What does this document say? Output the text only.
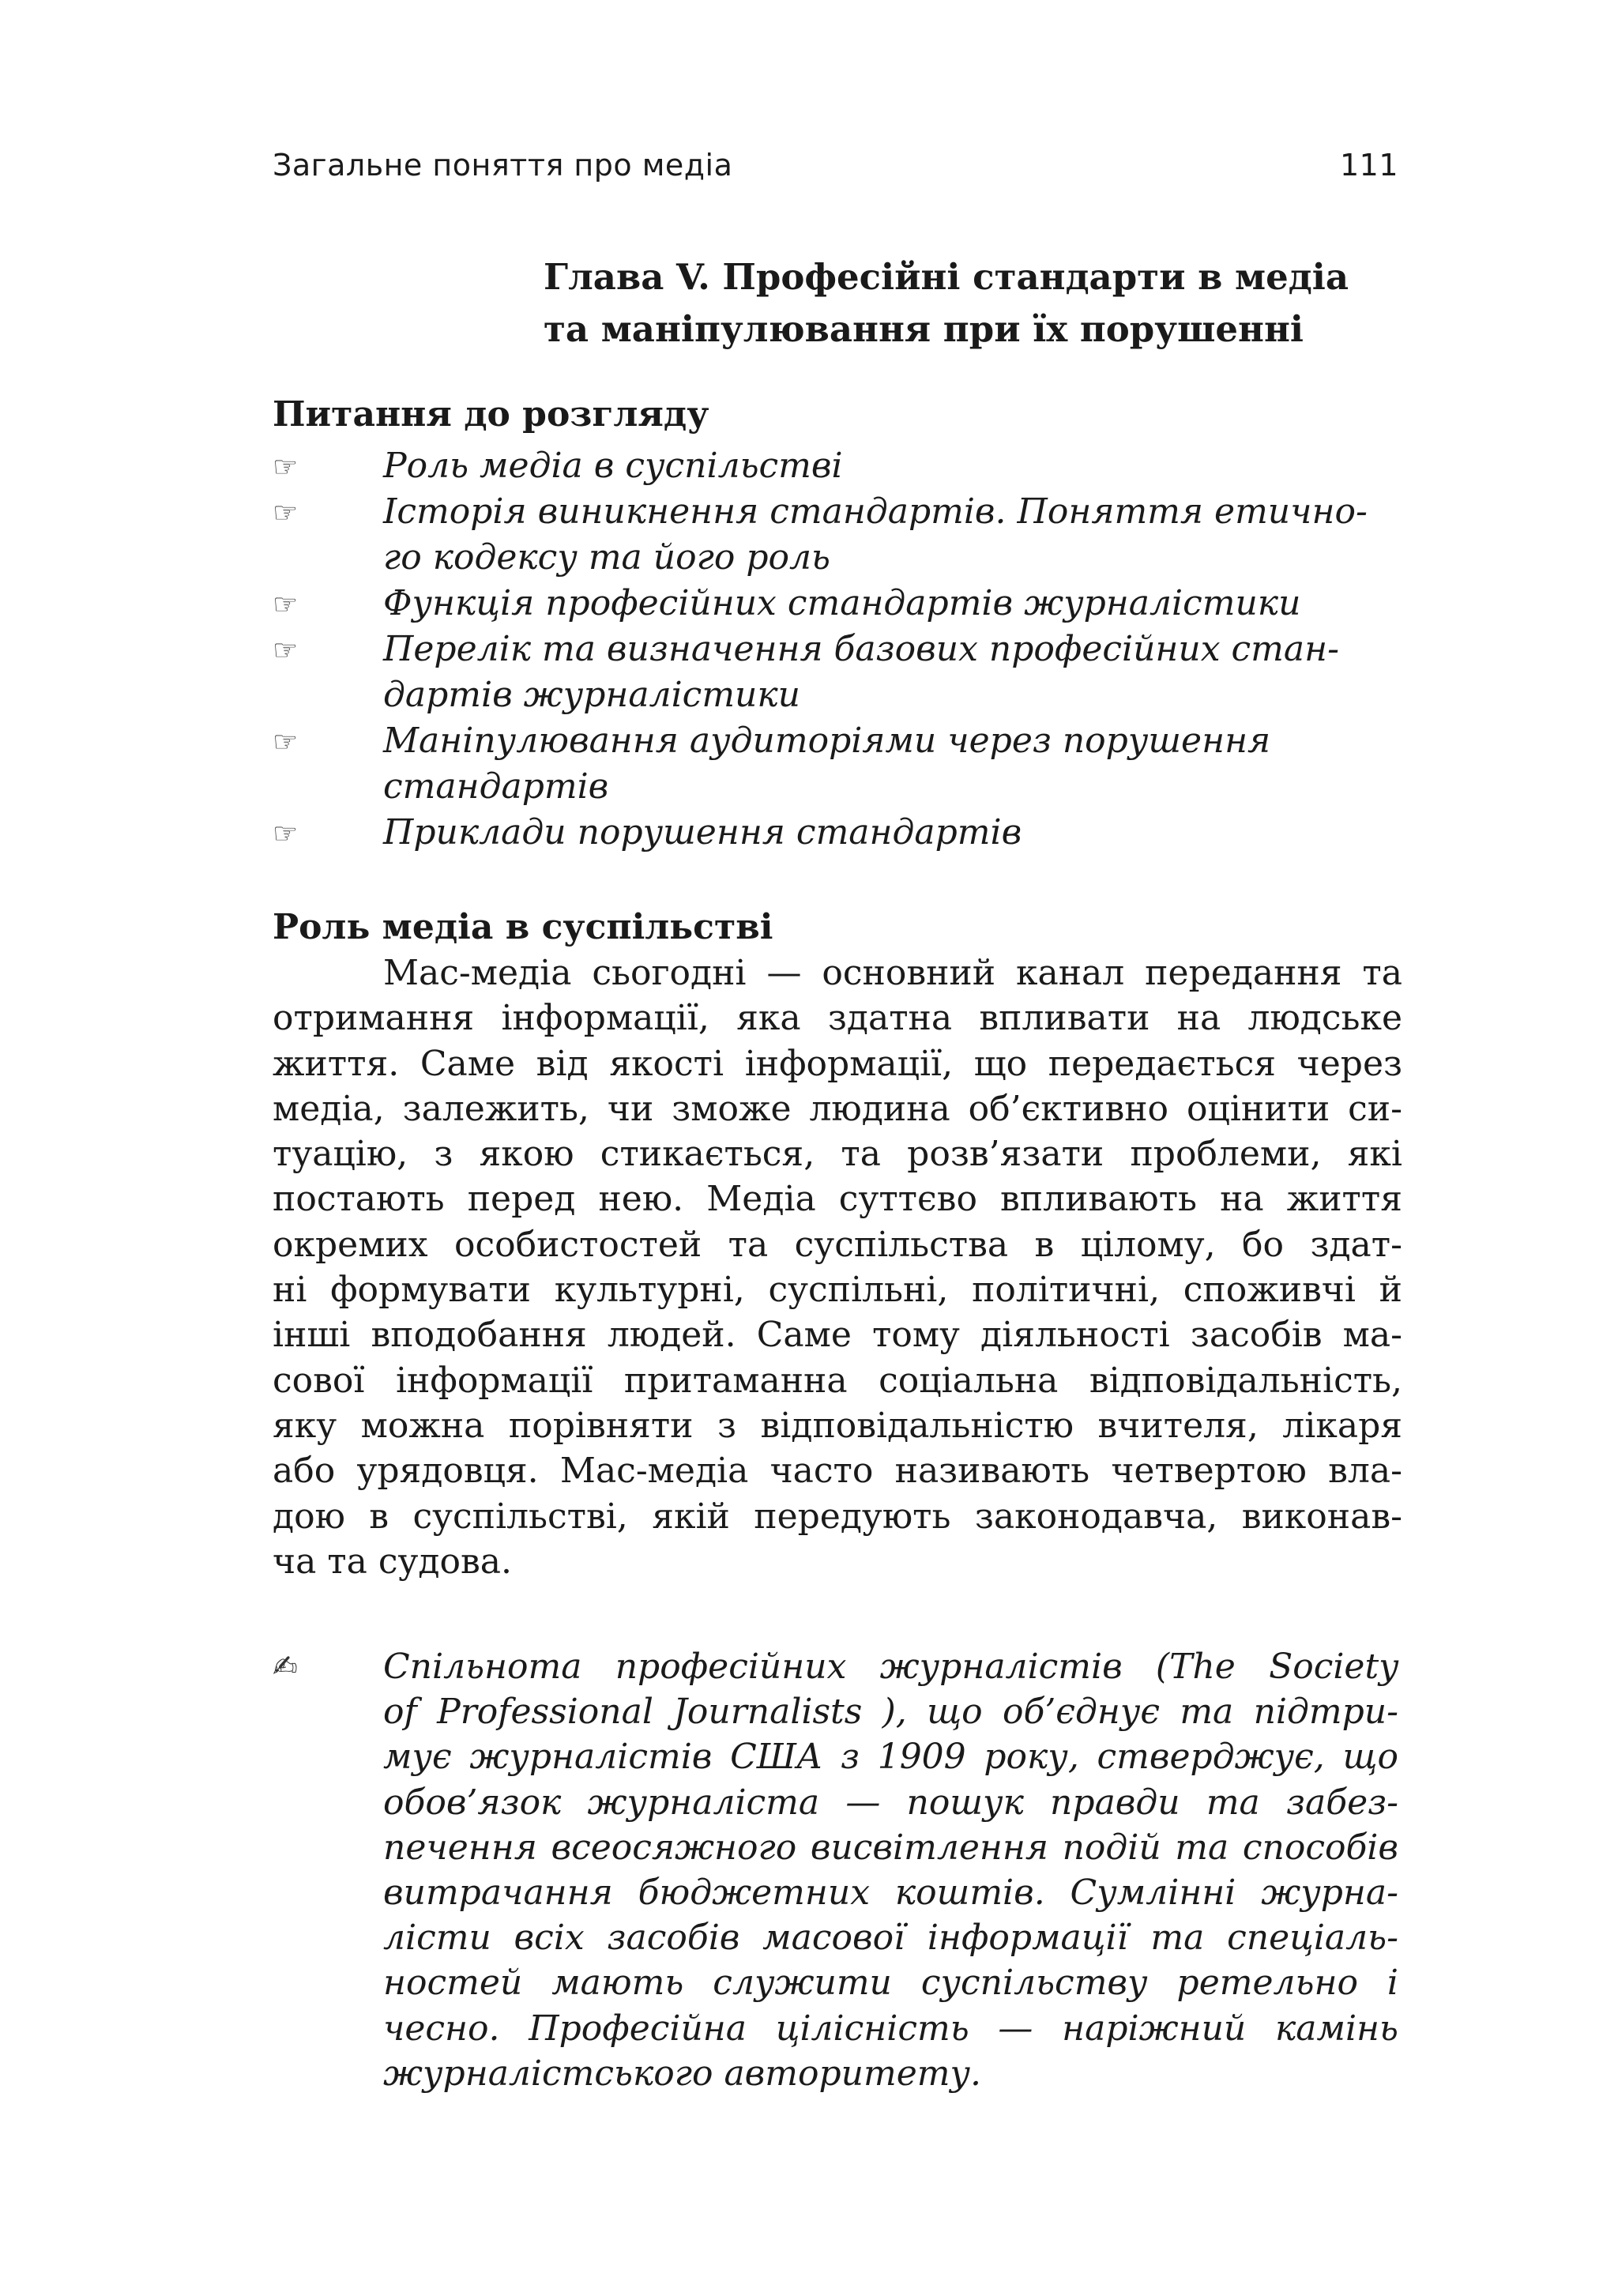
Загальне поняття про медіа	111
Глава V. Професійні стандарти в медіа
та маніпулювання при їх порушенні
Питання до розгляду
☞ Роль медіа в суспільстві
☞ Історія виникнення стандартів. Поняття етично-
го кодексу та його роль
☞ Функція професійних стандартів журналістики
☞ Перелік та визначення базових професійних стан-
дартів журналістики
☞ Маніпулювання аудиторіями через порушення
стандартів
☞ Приклади порушення стандартів
Роль медіа в суспільстві
Мас-медіа сьогодні — основний канал передання та
отримання інформації, яка здатна впливати на людське
життя. Саме від якості інформації, що передається через
медіа, залежить, чи зможе людина об’єктивно оцінити си-
туацію, з якою стикається, та розв’язати проблеми, які
постають перед нею. Медіа суттєво впливають на життя
окремих особистостей та суспільства в цілому, бо здат-
ні формувати культурні, суспільні, політичні, споживчі й
інші вподобання людей. Саме тому діяльності засобів ма-
сової інформації притаманна соціальна відповідальність,
яку можна порівняти з відповідальністю вчителя, лікаря
або урядовця. Мас-медіа часто називають четвертою вла-
дою в суспільстві, якій передують законодавча, виконав-
ча та судова.
✍ Спільнота професійних журналістів (The Society
of Professional Journalists ), що об’єднує та підтри-
мує журналістів США з 1909 року, стверджує, що
обов’язок журналіста — пошук правди та забез-
печення всеосяжного висвітлення подій та способів
витрачання бюджетних коштів. Сумлінні журна-
лісти всіх засобів масової інформації та спеціаль-
ностей мають служити суспільству ретельно і
чесно. Професійна цілісність — наріжний камінь
журналістського авторитету.
